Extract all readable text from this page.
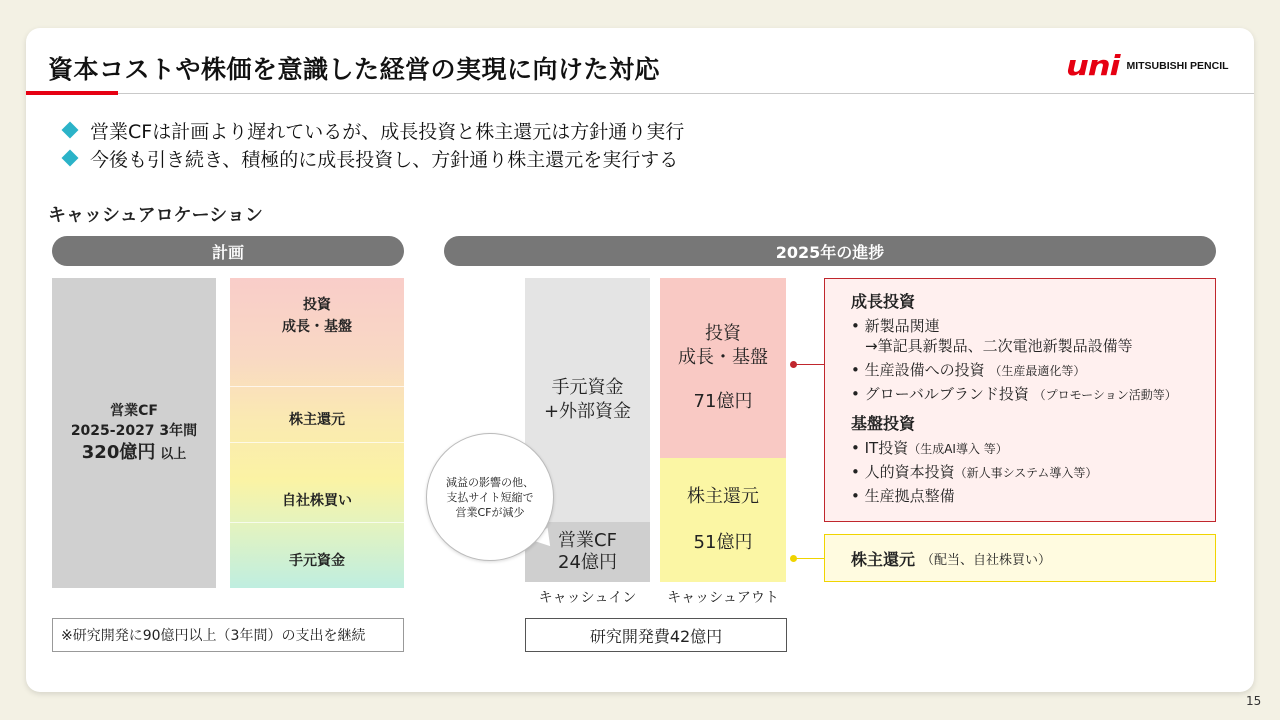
資本コストや株価を意識した経営の実現に向けた対応	uni MITSUBISHI PENCIL
営業CFは計画より遅れているが、成長投資と株主還元は方針通り実行
今後も引き続き、積極的に成長投資し、方針通り株主還元を実行する
キャッシュアロケーション
計画
営業CF
2025-2027 3年間
320億円 以上
投資
成長・基盤
株主還元
自社株買い
手元資金
※研究開発に90億円以上（3年間）の支出を継続
2025年の進捗
手元資金
+外部資金
営業CF
24億円
キャッシュイン
投資
成長・基盤
71億円
株主還元
51億円
キャッシュアウト
減益の影響の他、
支払サイト短縮で
営業CFが減少
研究開発費42億円
成長投資
• 新製品関連
→筆記具新製品、二次電池新製品設備等
• 生産設備への投資 （生産最適化等）
• グローバルブランド投資 （プロモーション活動等）
基盤投資
• IT投資（生成AI導入 等）
• 人的資本投資（新人事システム導入等）
• 生産拠点整備
株主還元 （配当、自社株買い）
15
